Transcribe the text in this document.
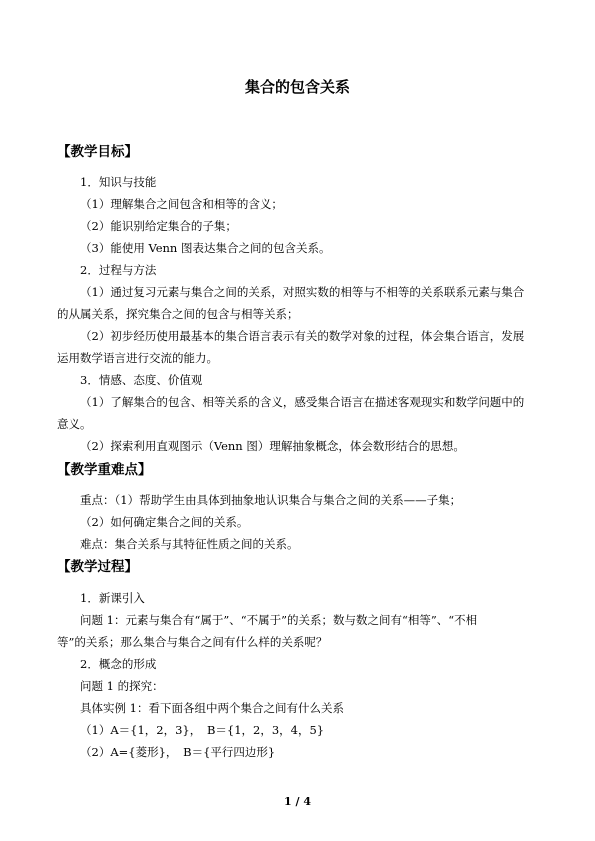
集合的包含关系
【教学目标】

1．知识与技能

（1）理解集合之间包含和相等的含义；

（2）能识别给定集合的子集；

（3）能使用 Venn 图表达集合之间的包含关系。

2．过程与方法

（1）通过复习元素与集合之间的关系，对照实数的相等与不相等的关系联系元素与集合

的从属关系，探究集合之间的包含与相等关系；

（2）初步经历使用最基本的集合语言表示有关的数学对象的过程，体会集合语言，发展

运用数学语言进行交流的能力。

3．情感、态度、价值观

（1）了解集合的包含、相等关系的含义，感受集合语言在描述客观现实和数学问题中的

意义。

（2）探索利用直观图示（Venn 图）理解抽象概念，体会数形结合的思想。

【教学重难点】

重点：（1）帮助学生由具体到抽象地认识集合与集合之间的关系——子集；

（2）如何确定集合之间的关系。

难点：集合关系与其特征性质之间的关系。

【教学过程】

1．新课引入

问题 1：元素与集合有“属于”、“不属于”的关系；数与数之间有“相等”、“不相

等”的关系；那么集合与集合之间有什么样的关系呢？

2．概念的形成

问题 1 的探究：

具体实例 1：看下面各组中两个集合之间有什么关系

（1）A＝{1，2，3}，　B＝{1，2，3，4，5}

（2）A={菱形}，　B＝{平行四边形}

1 / 4
